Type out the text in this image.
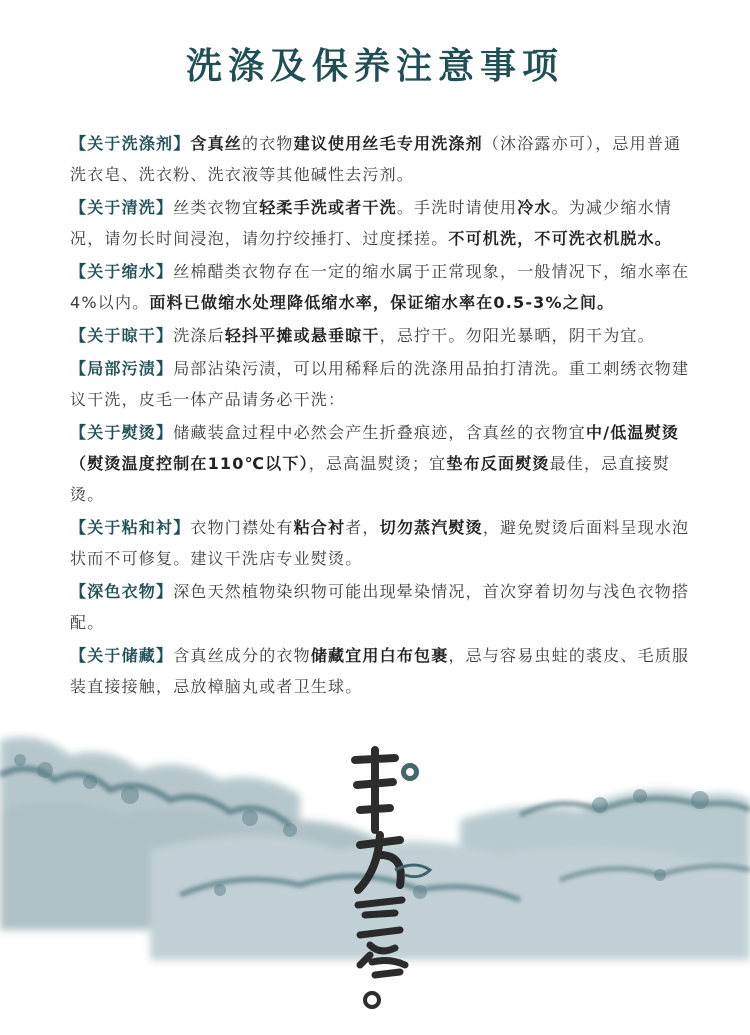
洗涤及保养注意事项

【关于洗涤剂】含真丝的衣物建议使用丝毛专用洗涤剂（沐浴露亦可），忌用普通洗衣皂、洗衣粉、洗衣液等其他碱性去污剂。

【关于清洗】丝类衣物宜轻柔手洗或者干洗。手洗时请使用冷水。为减少缩水情况，请勿长时间浸泡，请勿拧绞捶打、过度揉搓。不可机洗，不可洗衣机脱水。

【关于缩水】丝棉醋类衣物存在一定的缩水属于正常现象，一般情况下，缩水率在4%以内。面料已做缩水处理降低缩水率，保证缩水率在0.5-3%之间。

【关于晾干】洗涤后轻抖平摊或悬垂晾干，忌拧干。勿阳光暴晒，阴干为宜。

【局部污渍】局部沾染污渍，可以用稀释后的洗涤用品拍打清洗。重工刺绣衣物建议干洗，皮毛一体产品请务必干洗：

【关于熨烫】储藏装盒过程中必然会产生折叠痕迹，含真丝的衣物宜中/低温熨烫（熨烫温度控制在110℃以下），忌高温熨烫；宜垫布反面熨烫最佳，忌直接熨烫。

【关于粘和衬】衣物门襟处有粘合衬者，切勿蒸汽熨烫，避免熨烫后面料呈现水泡状而不可修复。建议干洗店专业熨烫。

【深色衣物】深色天然植物染织物可能出现晕染情况，首次穿着切勿与浅色衣物搭配。

【关于储藏】含真丝成分的衣物储藏宜用白布包裹，忌与容易虫蛀的裘皮、毛质服装直接接触，忌放樟脑丸或者卫生球。
